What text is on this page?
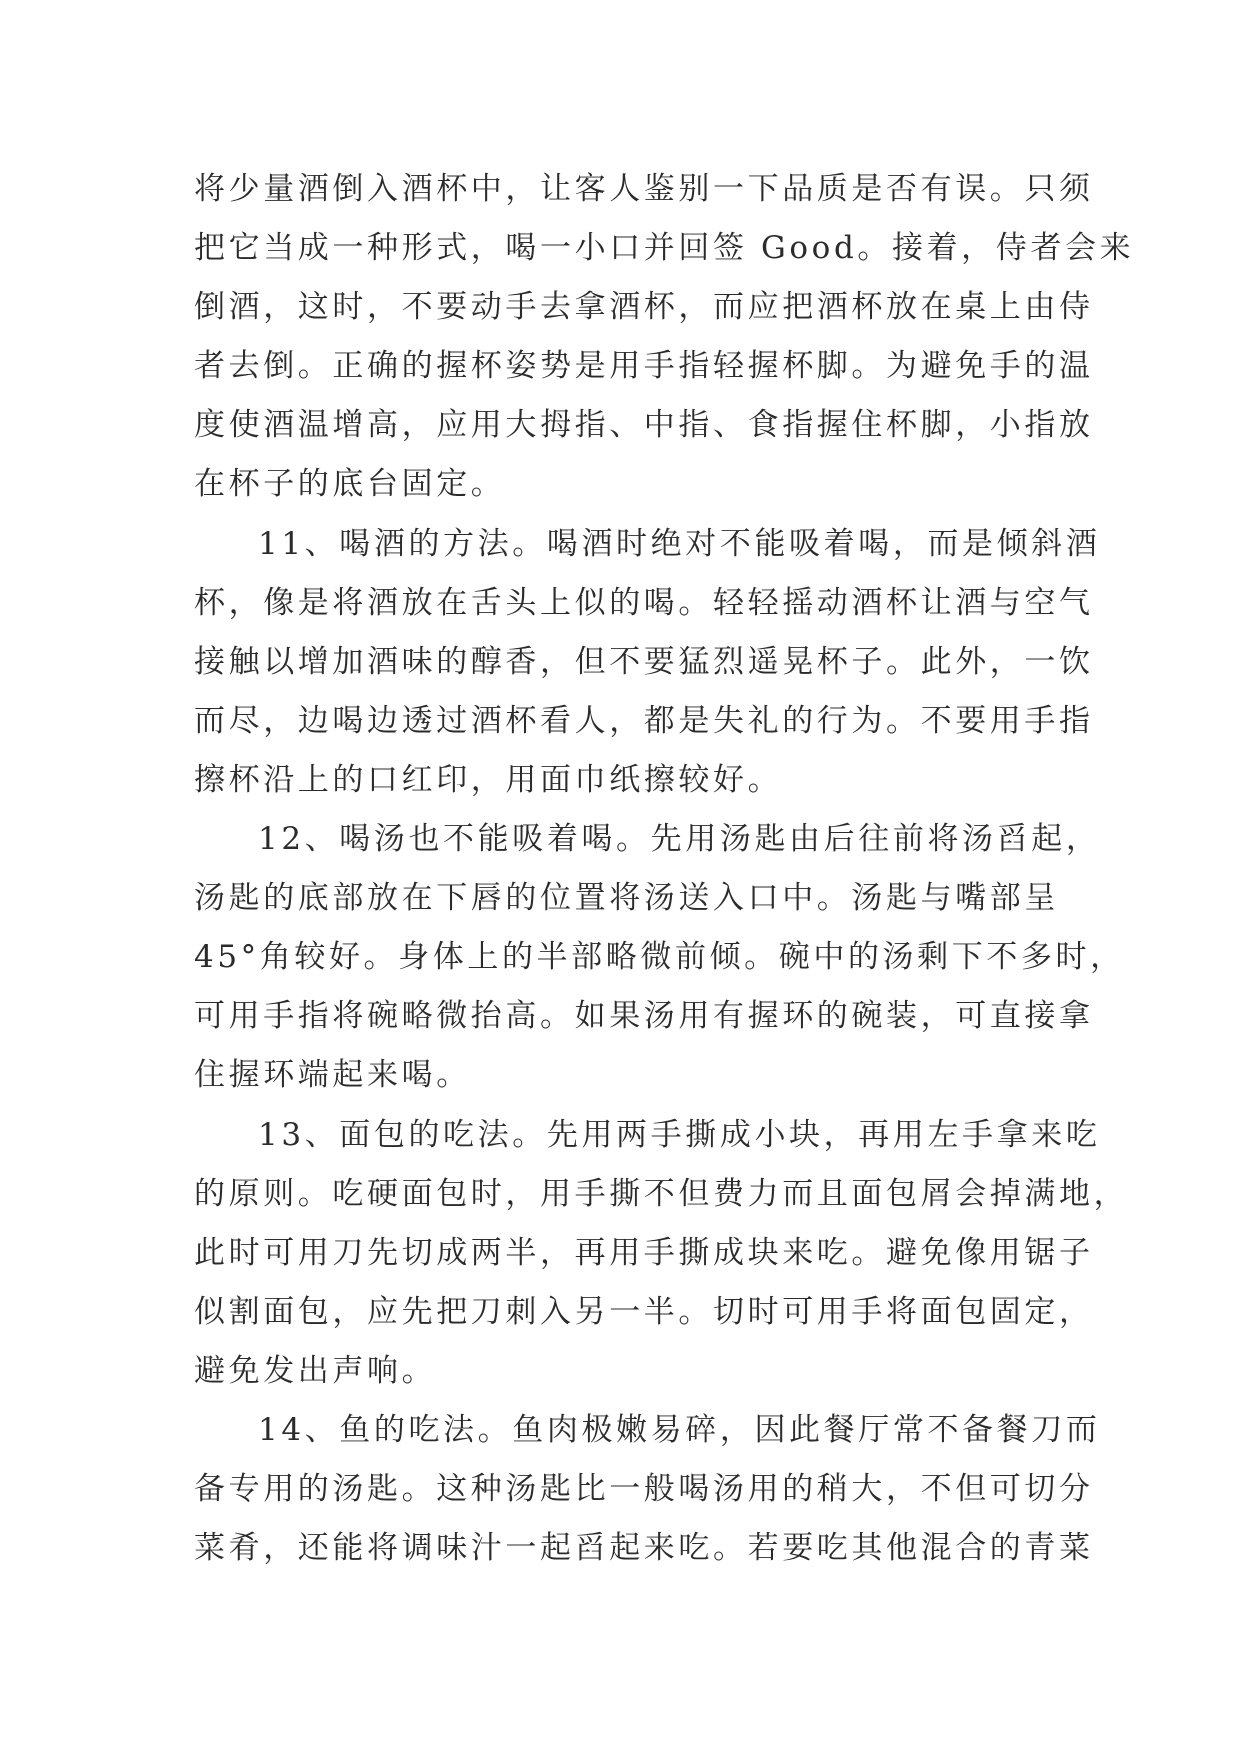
将少量酒倒入酒杯中，让客人鉴别一下品质是否有误。只须
把它当成一种形式，喝一小口并回签 Good。接着，侍者会来
倒酒，这时，不要动手去拿酒杯，而应把酒杯放在桌上由侍
者去倒。正确的握杯姿势是用手指轻握杯脚。为避免手的温
度使酒温增高，应用大拇指、中指、食指握住杯脚，小指放
在杯子的底台固定。

11、喝酒的方法。喝酒时绝对不能吸着喝，而是倾斜酒
杯，像是将酒放在舌头上似的喝。轻轻摇动酒杯让酒与空气
接触以增加酒味的醇香，但不要猛烈遥晃杯子。此外，一饮
而尽，边喝边透过酒杯看人，都是失礼的行为。不要用手指
擦杯沿上的口红印，用面巾纸擦较好。

12、喝汤也不能吸着喝。先用汤匙由后往前将汤舀起，
汤匙的底部放在下唇的位置将汤送入口中。汤匙与嘴部呈
45°角较好。身体上的半部略微前倾。碗中的汤剩下不多时，
可用手指将碗略微抬高。如果汤用有握环的碗装，可直接拿
住握环端起来喝。

13、面包的吃法。先用两手撕成小块，再用左手拿来吃
的原则。吃硬面包时，用手撕不但费力而且面包屑会掉满地，
此时可用刀先切成两半，再用手撕成块来吃。避免像用锯子
似割面包，应先把刀刺入另一半。切时可用手将面包固定，
避免发出声响。

14、鱼的吃法。鱼肉极嫩易碎，因此餐厅常不备餐刀而
备专用的汤匙。这种汤匙比一般喝汤用的稍大，不但可切分
菜肴，还能将调味汁一起舀起来吃。若要吃其他混合的青菜
